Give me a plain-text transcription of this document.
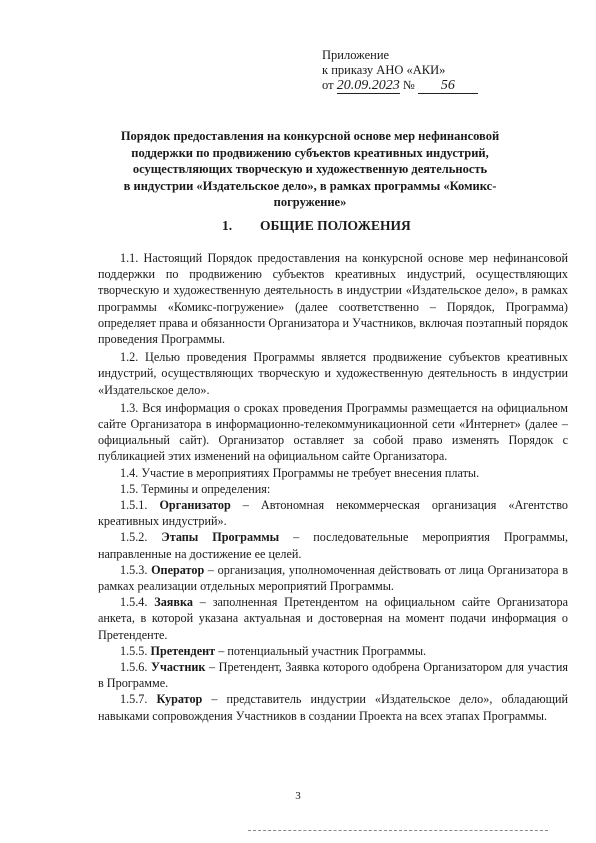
Приложение
к приказу АНО «АКИ»
от 20.09.2023 № 56
Порядок предоставления на конкурсной основе мер нефинансовой
поддержки по продвижению субъектов креативных индустрий,
осуществляющих творческую и художественную деятельность
в индустрии «Издательское дело», в рамках программы «Комикс-
погружение»
1. ОБЩИЕ ПОЛОЖЕНИЯ

1.1. Настоящий Порядок предоставления на конкурсной основе мер нефинансовой поддержки по продвижению субъектов креативных индустрий, осуществляющих творческую и художественную деятельность в индустрии «Издательское дело», в рамках программы «Комикс-погружение» (далее соответственно – Порядок, Программа) определяет права и обязанности Организатора и Участников, включая поэтапный порядок проведения Программы.

1.2. Целью проведения Программы является продвижение субъектов креативных индустрий, осуществляющих творческую и художественную деятельность в индустрии «Издательское дело».

1.3. Вся информация о сроках проведения Программы размещается на официальном сайте Организатора в информационно-телекоммуникационной сети «Интернет» (далее – официальный сайт). Организатор оставляет за собой право изменять Порядок с публикацией этих изменений на официальном сайте Организатора.

1.4. Участие в мероприятиях Программы не требует внесения платы.

1.5. Термины и определения:

1.5.1. Организатор – Автономная некоммерческая организация «Агентство креативных индустрий».

1.5.2. Этапы Программы – последовательные мероприятия Программы, направленные на достижение ее целей.

1.5.3. Оператор – организация, уполномоченная действовать от лица Организатора в рамках реализации отдельных мероприятий Программы.

1.5.4. Заявка – заполненная Претендентом на официальном сайте Организатора анкета, в которой указана актуальная и достоверная на момент подачи информация о Претенденте.

1.5.5. Претендент – потенциальный участник Программы.

1.5.6. Участник – Претендент, Заявка которого одобрена Организатором для участия в Программе.

1.5.7. Куратор – представитель индустрии «Издательское дело», обладающий навыками сопровождения Участников в создании Проекта на всех этапах Программы.

3
